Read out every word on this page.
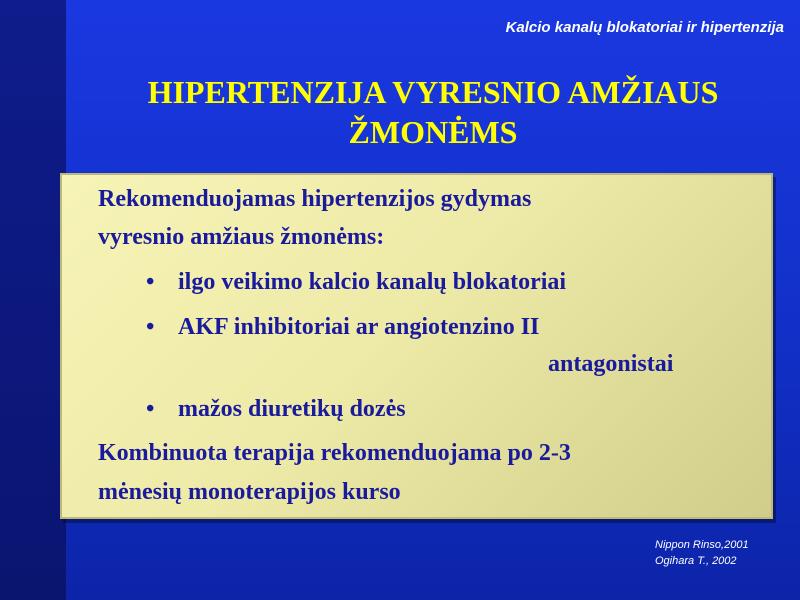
Kalcio kanalų blokatoriai ir hipertenzija
HIPERTENZIJA VYRESNIO AMŽIAUS
ŽMONĖMS
Rekomenduojamas hipertenzijos gydymas
vyresnio amžiaus žmonėms:
• ilgo veikimo kalcio kanalų blokatoriai
• AKF inhibitoriai ar angiotenzino II
antagonistai
• mažos diuretikų dozės
Kombinuota terapija rekomenduojama po 2-3
mėnesių monoterapijos kurso
Nippon Rinso,2001
Ogihara T., 2002
